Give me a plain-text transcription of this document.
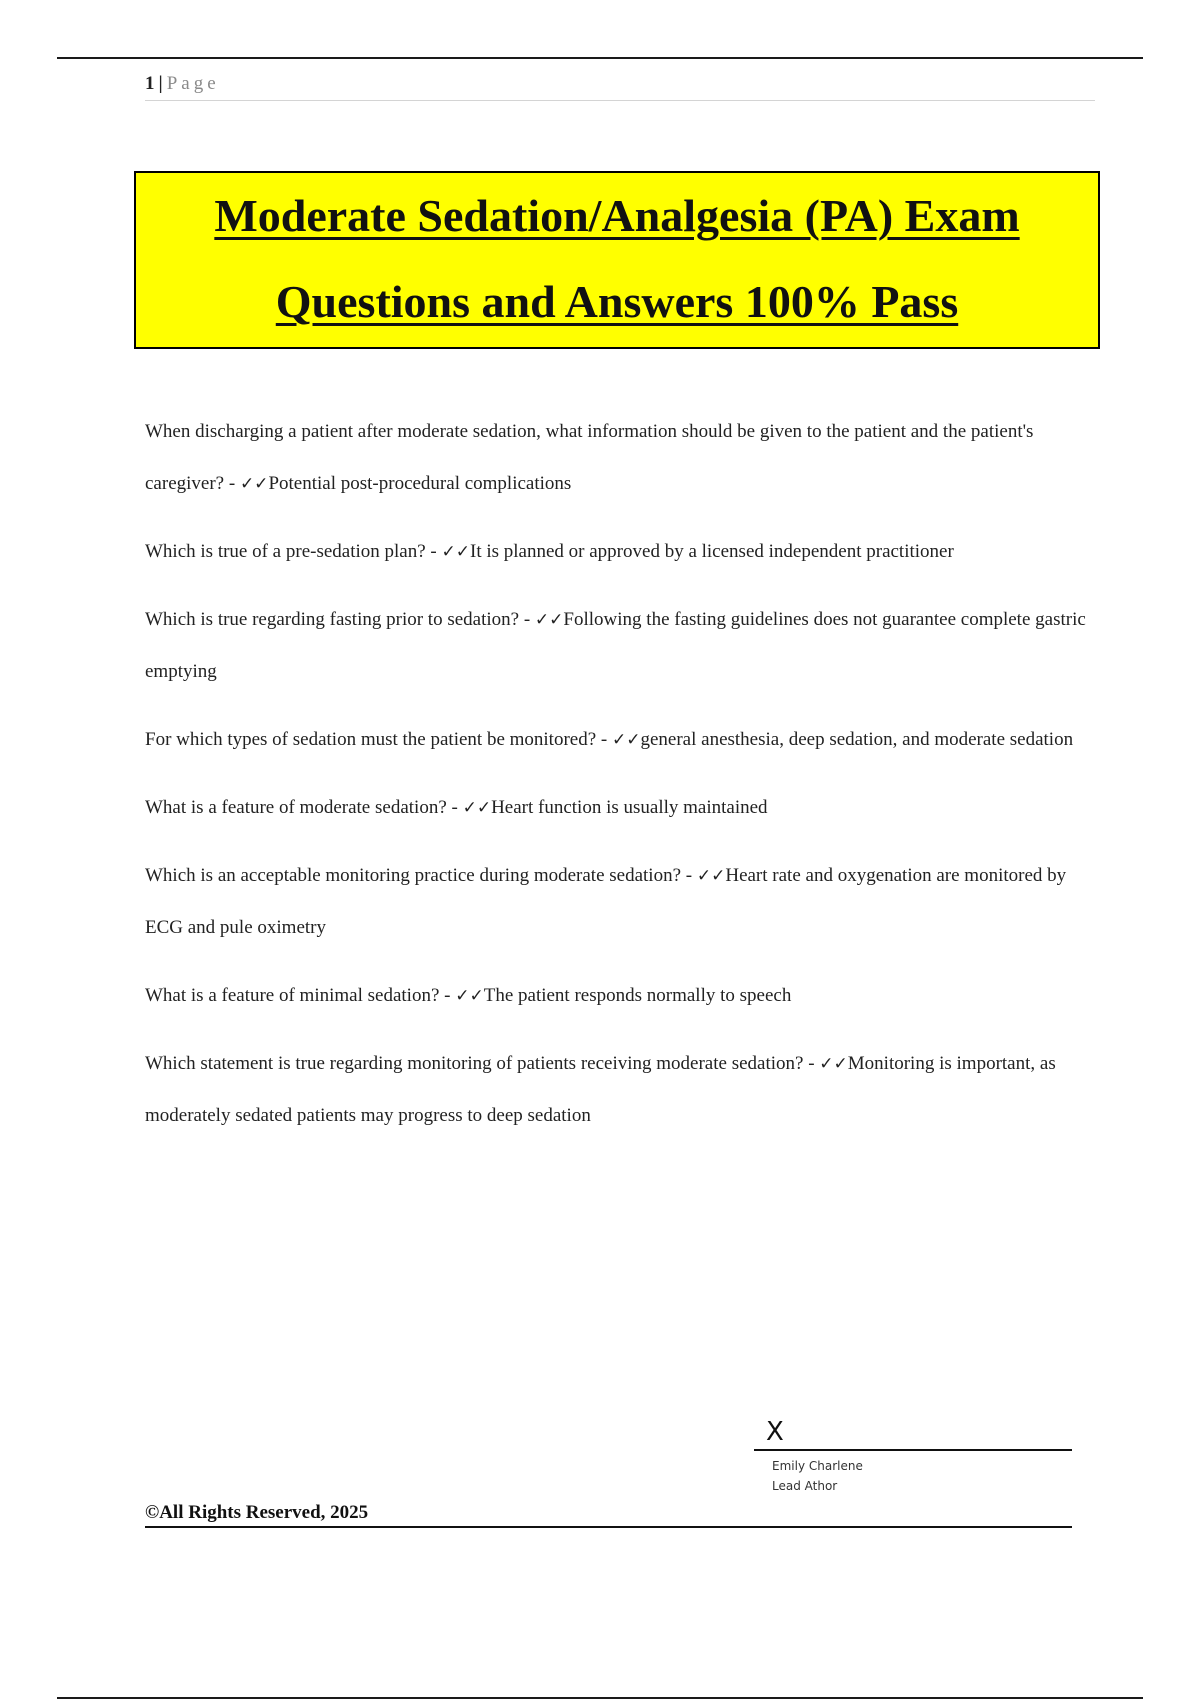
1 | Page
Moderate Sedation/Analgesia (PA) Exam
Questions and Answers 100% Pass
When discharging a patient after moderate sedation, what information should be given to the patient and the patient's caregiver? - ✓✓Potential post-procedural complications
Which is true of a pre-sedation plan? - ✓✓It is planned or approved by a licensed independent practitioner
Which is true regarding fasting prior to sedation? - ✓✓Following the fasting guidelines does not guarantee complete gastric emptying
For which types of sedation must the patient be monitored? - ✓✓general anesthesia, deep sedation, and moderate sedation
What is a feature of moderate sedation? - ✓✓Heart function is usually maintained
Which is an acceptable monitoring practice during moderate sedation? - ✓✓Heart rate and oxygenation are monitored by ECG and pule oximetry
What is a feature of minimal sedation? - ✓✓The patient responds normally to speech
Which statement is true regarding monitoring of patients receiving moderate sedation? - ✓✓Monitoring is important, as moderately sedated patients may progress to deep sedation
X
Emily Charlene
Lead Athor
©All Rights Reserved, 2025
